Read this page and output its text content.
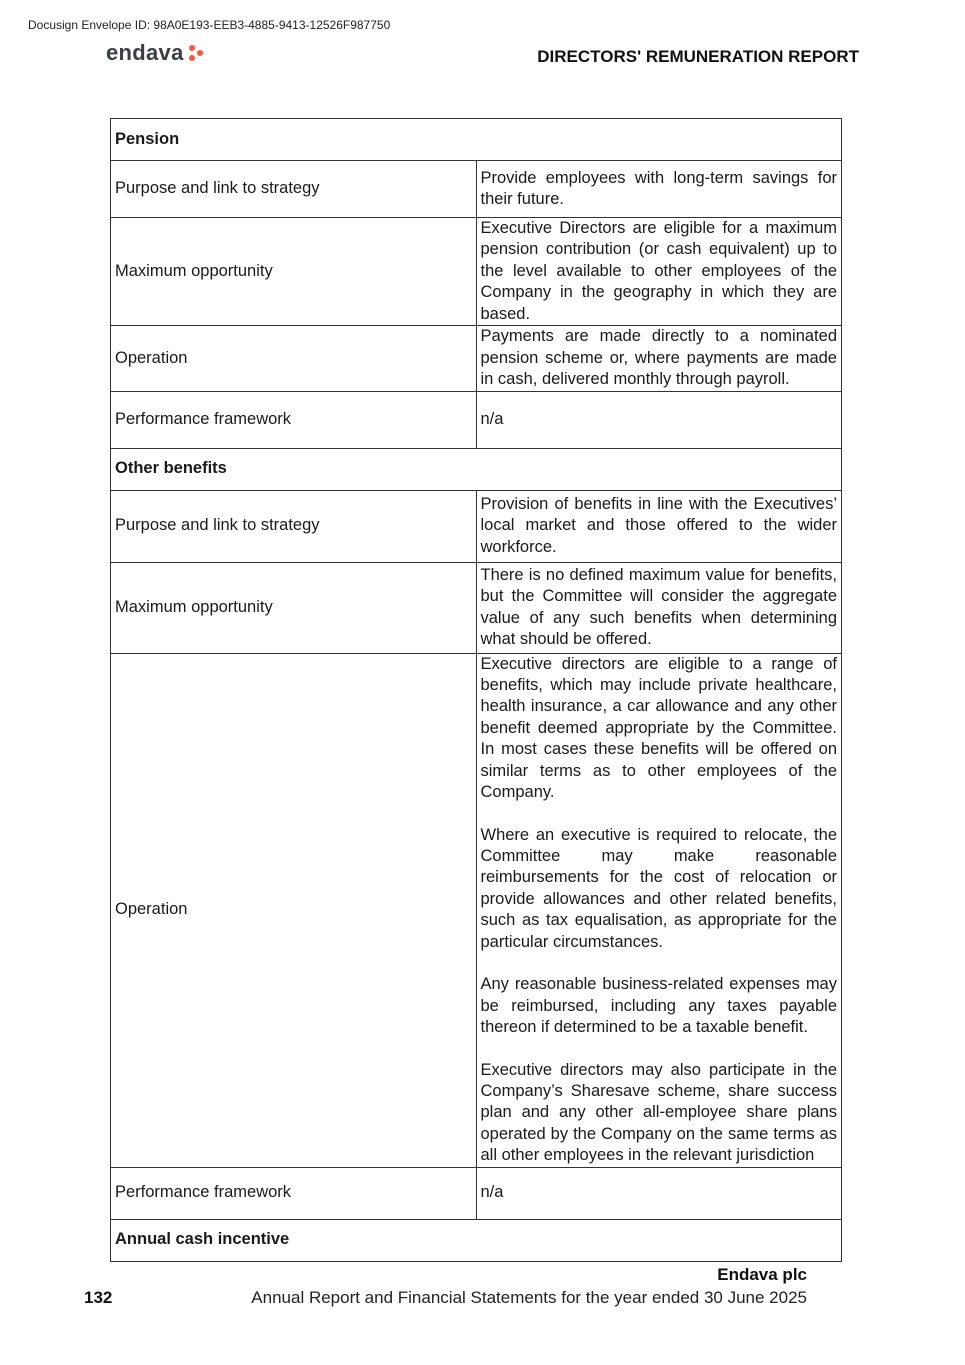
Docusign Envelope ID: 98A0E193-EEB3-4885-9413-12526F987750
endava	DIRECTORS' REMUNERATION REPORT
Pension	
Purpose and link to strategy	Provide employees with long-term savings for their future.
Maximum opportunity	Executive Directors are eligible for a maximum pension contribution (or cash equivalent) up to the level available to other employees of the Company in the geography in which they are based.
Operation	Payments are made directly to a nominated pension scheme or, where payments are made in cash, delivered monthly through payroll.
Performance framework	n/a
Other benefits	
Purpose and link to strategy	Provision of benefits in line with the Executives’ local market and those offered to the wider workforce.
Maximum opportunity	There is no defined maximum value for benefits, but the Committee will consider the aggregate value of any such benefits when determining what should be offered.
Operation	Executive directors are eligible to a range of benefits, which may include private healthcare, health insurance, a car allowance and any other benefit deemed appropriate by the Committee. In most cases these benefits will be offered on similar terms as to other employees of the Company.

Where an executive is required to relocate, the Committee may make reasonable reimbursements for the cost of relocation or provide allowances and other related benefits, such as tax equalisation, as appropriate for the particular circumstances.

Any reasonable business-related expenses may be reimbursed, including any taxes payable thereon if determined to be a taxable benefit.

Executive directors may also participate in the Company’s Sharesave scheme, share success plan and any other all-employee share plans operated by the Company on the same terms as all other employees in the relevant jurisdiction

Performance framework	n/a
Annual cash incentive	
Endava plc
132	Annual Report and Financial Statements for the year ended 30 June 2025
